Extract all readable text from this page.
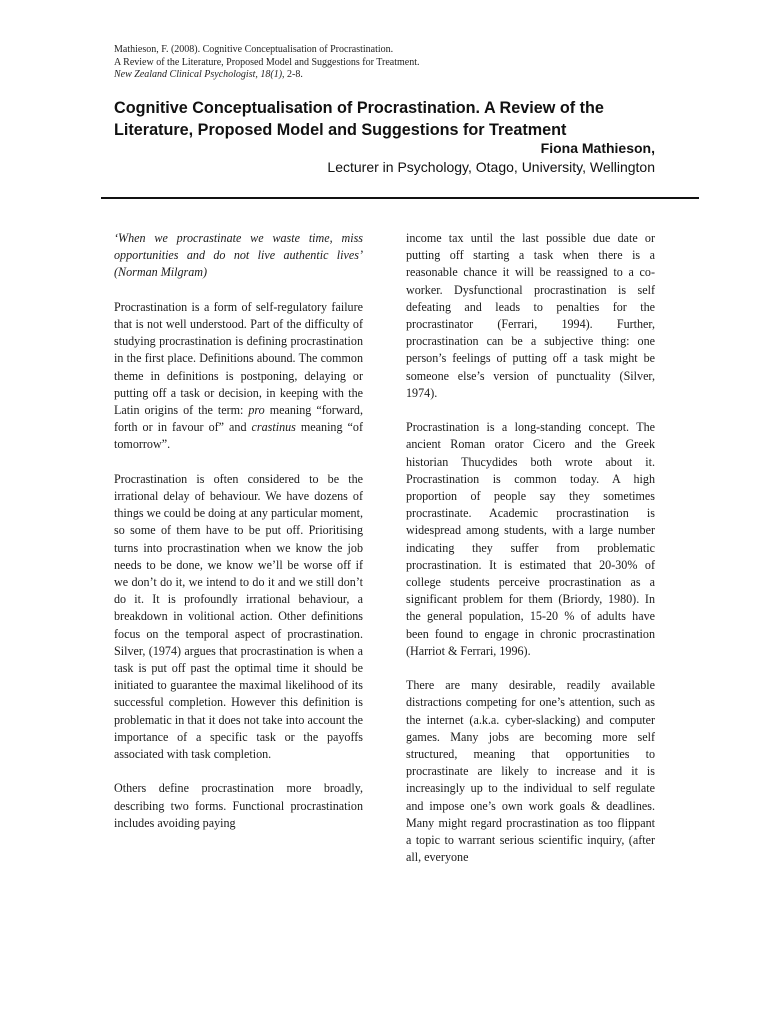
Mathieson, F. (2008). Cognitive Conceptualisation of Procrastination.
A Review of the Literature, Proposed Model and Suggestions for Treatment.
New Zealand Clinical Psychologist, 18(1), 2-8.
Cognitive Conceptualisation of Procrastination. A Review of the Literature, Proposed Model and Suggestions for Treatment
Fiona Mathieson,
Lecturer in Psychology, Otago, University, Wellington

‘When we procrastinate we waste time, miss opportunities and do not live authentic lives’ (Norman Milgram)

Procrastination is a form of self-regulatory failure that is not well understood. Part of the difficulty of studying procrastination is defining procrastination in the first place. Definitions abound. The common theme in definitions is postponing, delaying or putting off a task or decision, in keeping with the Latin origins of the term: pro meaning “forward, forth or in favour of” and crastinus meaning “of tomorrow”.

Procrastination is often considered to be the irrational delay of behaviour. We have dozens of things we could be doing at any particular moment, so some of them have to be put off. Prioritising turns into procrastination when we know the job needs to be done, we know we’ll be worse off if we don’t do it, we intend to do it and we still don’t do it. It is profoundly irrational behaviour, a breakdown in volitional action. Other definitions focus on the temporal aspect of procrastination. Silver, (1974) argues that procrastination is when a task is put off past the optimal time it should be initiated to guarantee the maximal likelihood of its successful completion. However this definition is problematic in that it does not take into account the importance of a specific task or the payoffs associated with task completion.

Others define procrastination more broadly, describing two forms. Functional procrastination includes avoiding paying

income tax until the last possible due date or putting off starting a task when there is a reasonable chance it will be reassigned to a co-worker. Dysfunctional procrastination is self defeating and leads to penalties for the procrastinator (Ferrari, 1994). Further, procrastination can be a subjective thing: one person’s feelings of putting off a task might be someone else’s version of punctuality (Silver, 1974).

Procrastination is a long-standing concept. The ancient Roman orator Cicero and the Greek historian Thucydides both wrote about it. Procrastination is common today. A high proportion of people say they sometimes procrastinate. Academic procrastination is widespread among students, with a large number indicating they suffer from problematic procrastination. It is estimated that 20-30% of college students perceive procrastination as a significant problem for them (Briordy, 1980). In the general population, 15-20 % of adults have been found to engage in chronic procrastination (Harriot & Ferrari, 1996).

There are many desirable, readily available distractions competing for one’s attention, such as the internet (a.k.a. cyber-slacking) and computer games. Many jobs are becoming more self structured, meaning that opportunities to procrastinate are likely to increase and it is increasingly up to the individual to self regulate and impose one’s own work goals & deadlines. Many might regard procrastination as too flippant a topic to warrant serious scientific inquiry, (after all, everyone
